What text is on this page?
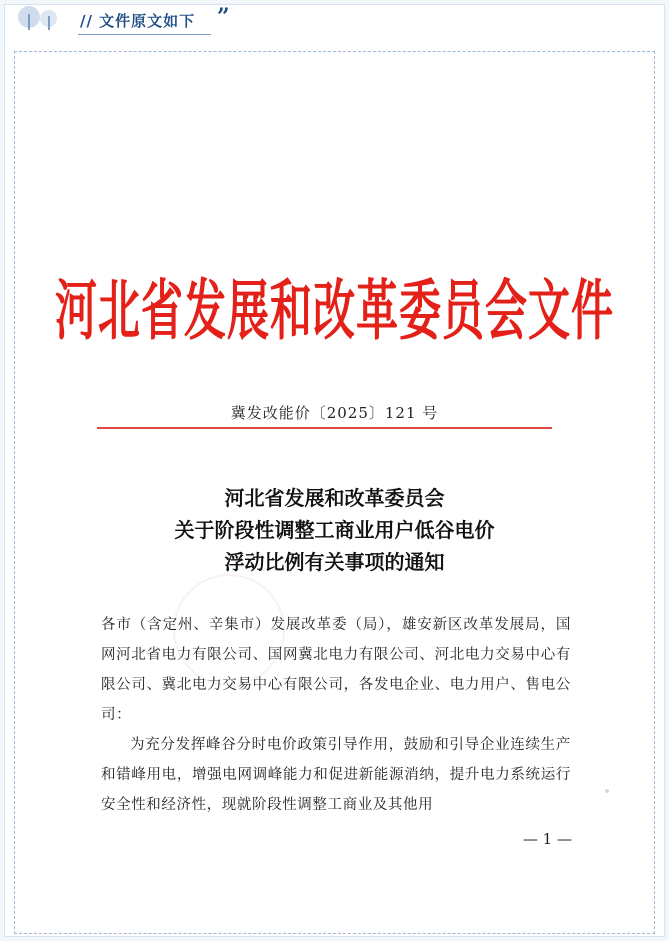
// 文件原文如下 ”
河北省发展和改革委员会文件
冀发改能价〔2025〕121 号
河北省发展和改革委员会
关于阶段性调整工商业用户低谷电价
浮动比例有关事项的通知

各市（含定州、辛集市）发展改革委（局），雄安新区改革发展局，国网河北省电力有限公司、国网冀北电力有限公司、河北电力交易中心有限公司、冀北电力交易中心有限公司，各发电企业、电力用户、售电公司：

为充分发挥峰谷分时电价政策引导作用，鼓励和引导企业连续生产和错峰用电，增强电网调峰能力和促进新能源消纳，提升电力系统运行安全性和经济性，现就阶段性调整工商业及其他用

— 1 —
